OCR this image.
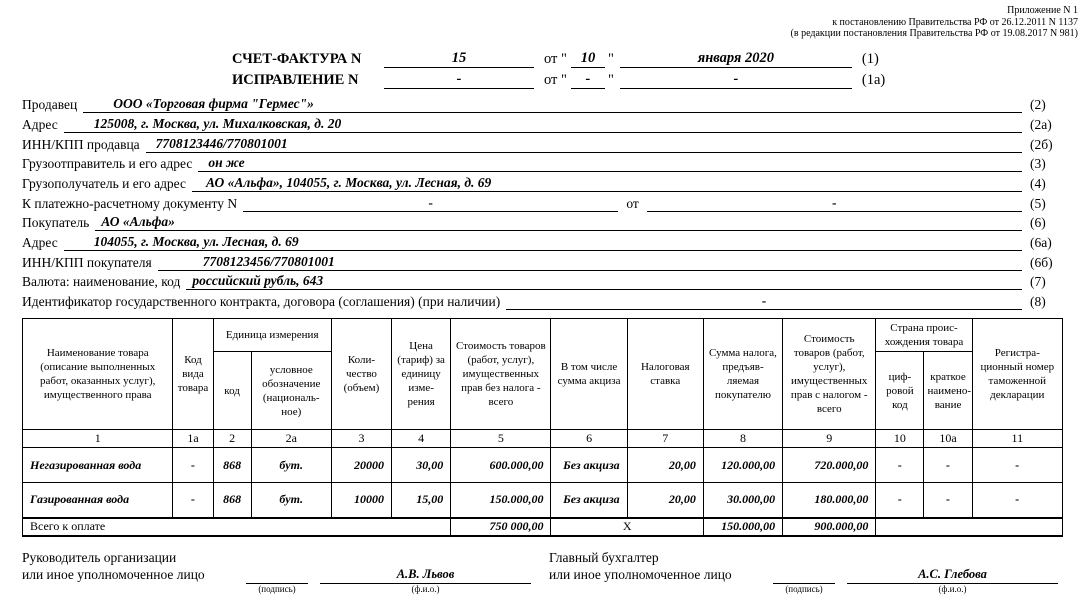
Приложение N 1
к постановлению Правительства РФ от 26.12.2011 N 1137
(в редакции постановления Правительства РФ от 19.08.2017 N 981)
СЧЕТ-ФАКТУРА N	15	от " 10 "	января 2020	(1)
ИСПРАВЛЕНИЕ N	-	от "	-	"	-	(1а)
Продавец	ООО «Торговая фирма "Гермес"»	(2)
Адрес	125008, г. Москва, ул. Михалковская, д. 20	(2а)
ИНН/КПП продавца	7708123446/770801001	(2б)
Грузоотправитель и его адрес	он же	(3)
Грузополучатель и его адрес	АО «Альфа», 104055, г. Москва, ул. Лесная, д. 69	(4)
К платежно-расчетному документу N	-	от	-	(5)
Покупатель АО «Альфа»	(6)
Адрес	104055, г. Москва, ул. Лесная, д. 69	(6а)
ИНН/КПП покупателя	7708123456/770801001	(6б)
Валюта: наименование, код российский рубль, 643	(7)
Идентификатор государственного контракта, договора (соглашения) (при наличии)	-	(8)
Наименование товара (описание выполненных работ, оказанных услуг), имущественного права	Код вида товара	Единица измерения		Коли-чество (объем)	Цена (тариф) за единицу изме-рения	Стоимость товаров (работ, услуг), имущественных прав без налога - всего	В том числе сумма акциза	Налоговая ставка	Сумма налога, предъяв-ляемая покупателю	Стоимость товаров (работ, услуг), имущественных прав с налогом - всего	Страна проис-хождения товара		Регистра-ционный номер таможенной декларации
		код	условное обозначение (националь-ное)								циф-ровой код	краткое наимено-вание	
1	1а	2	2а	3	4	5	6	7	8	9	10	10а	11
Негазированная вода	-	868	бут.	20000	30,00	600.000,00	Без акциза	20,00	120.000,00	720.000,00	-	-	-
Газированная вода	-	868	бут.	10000	15,00	150.000,00	Без акциза	20,00	30.000,00	180.000,00	-	-	-
Всего к оплате						750 000,00	X		150.000,00	900.000,00			
Руководитель организации
или иное уполномоченное лицо
(подпись)
А.В. Львов
(ф.и.о.)
Главный бухгалтер
или иное уполномоченное лицо
(подпись)
А.С. Глебова
(ф.и.о.)
